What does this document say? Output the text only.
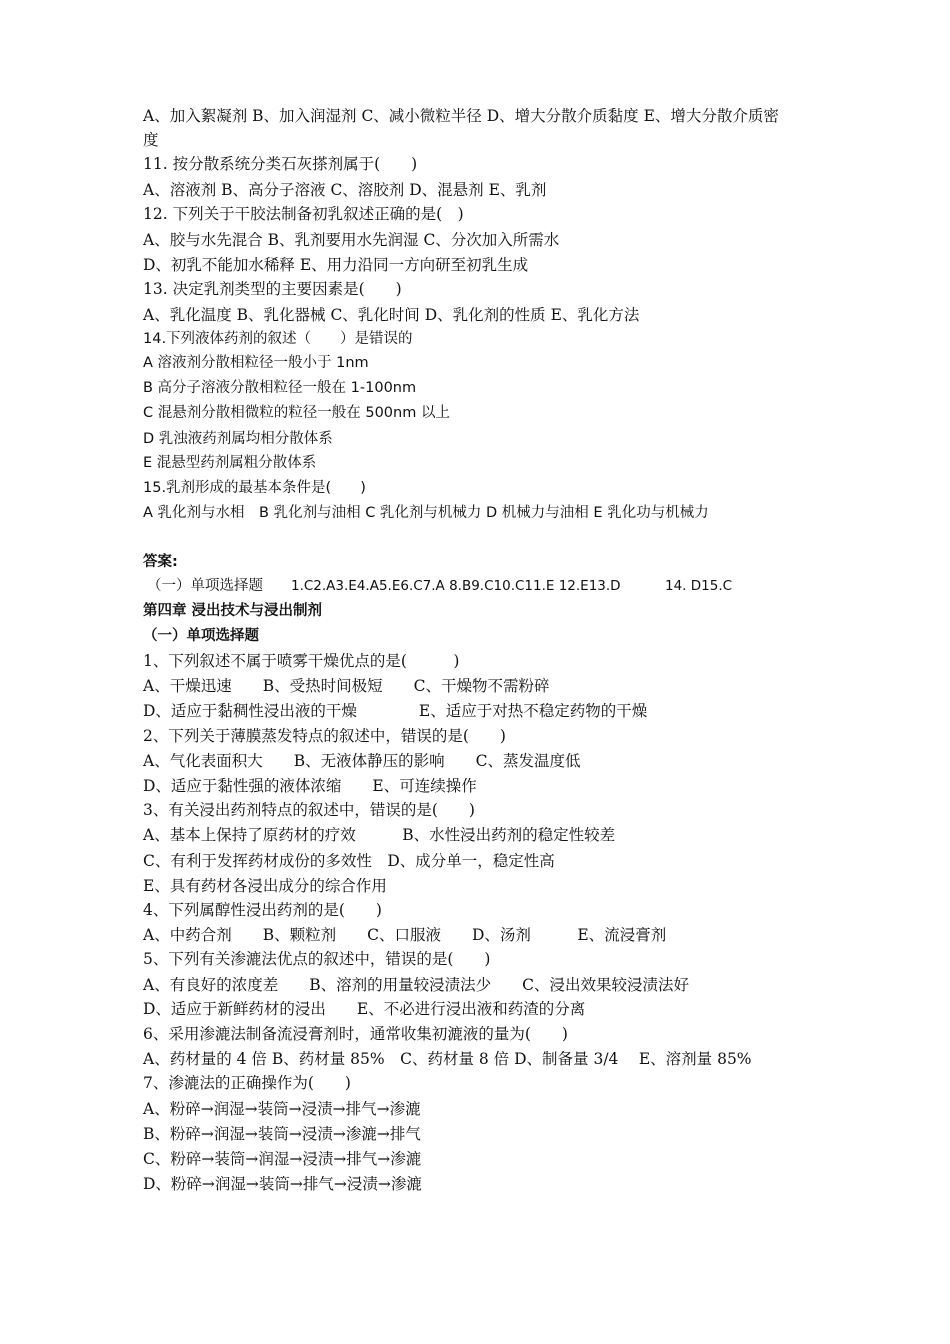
A、加入絮凝剂 B、加入润湿剂 C、减小微粒半径 D、增大分散介质黏度 E、增大分散介质密
度
11. 按分散系统分类石灰搽剂属于(　　)
A、溶液剂 B、高分子溶液 C、溶胶剂 D、混悬剂 E、乳剂
12. 下列关于干胶法制备初乳叙述正确的是(　)
A、胶与水先混合 B、乳剂要用水先润湿 C、分次加入所需水
D、初乳不能加水稀释 E、用力沿同一方向研至初乳生成
13. 决定乳剂类型的主要因素是(　　)
A、乳化温度 B、乳化器械 C、乳化时间 D、乳化剂的性质 E、乳化方法
14.下列液体药剂的叙述（　　）是错误的
A 溶液剂分散相粒径一般小于 1nm
B 高分子溶液分散相粒径一般在 1-100nm
C 混悬剂分散相微粒的粒径一般在 500nm 以上
D 乳浊液药剂属均相分散体系
E 混悬型药剂属粗分散体系
15.乳剂形成的最基本条件是(　　)
A 乳化剂与水相　B 乳化剂与油相 C 乳化剂与机械力 D 机械力与油相 E 乳化功与机械力
答案:
（一）单项选择题 1.C2.A3.E4.A5.E6.C7.A 8.B9.C10.C11.E 12.E13.D	14. D15.C
第四章 浸出技术与浸出制剂
（一）单项选择题
1、下列叙述不属于喷雾干燥优点的是(　　　)
A、干燥迅速　　B、受热时间极短　　C、干燥物不需粉碎
D、适应于黏稠性浸出液的干燥　　　　E、适应于对热不稳定药物的干燥
2、下列关于薄膜蒸发特点的叙述中，错误的是(　　)
A、气化表面积大　　B、无液体静压的影响　　C、蒸发温度低
D、适应于黏性强的液体浓缩　　E、可连续操作
3、有关浸出药剂特点的叙述中，错误的是(　　)
A、基本上保持了原药材的疗效　　　B、水性浸出药剂的稳定性较差
C、有利于发挥药材成份的多效性　D、成分单一，稳定性高
E、具有药材各浸出成分的综合作用
4、下列属醇性浸出药剂的是(　　)
A、中药合剂　　B、颗粒剂　　C、口服液　　D、汤剂　　　E、流浸膏剂
5、下列有关渗漉法优点的叙述中，错误的是(　　)
A、有良好的浓度差　　B、溶剂的用量较浸渍法少　　C、浸出效果较浸渍法好
D、适应于新鲜药材的浸出　　E、不必进行浸出液和药渣的分离
6、采用渗漉法制备流浸膏剂时，通常收集初漉液的量为(　　)
A、药材量的 4 倍 B、药材量 85%　C、药材量 8 倍 D、制备量 3/4　 E、溶剂量 85%
7、渗漉法的正确操作为(　　)
A、粉碎→润湿→装筒→浸渍→排气→渗漉
B、粉碎→润湿→装筒→浸渍→渗漉→排气
C、粉碎→装筒→润湿→浸渍→排气→渗漉
D、粉碎→润湿→装筒→排气→浸渍→渗漉
